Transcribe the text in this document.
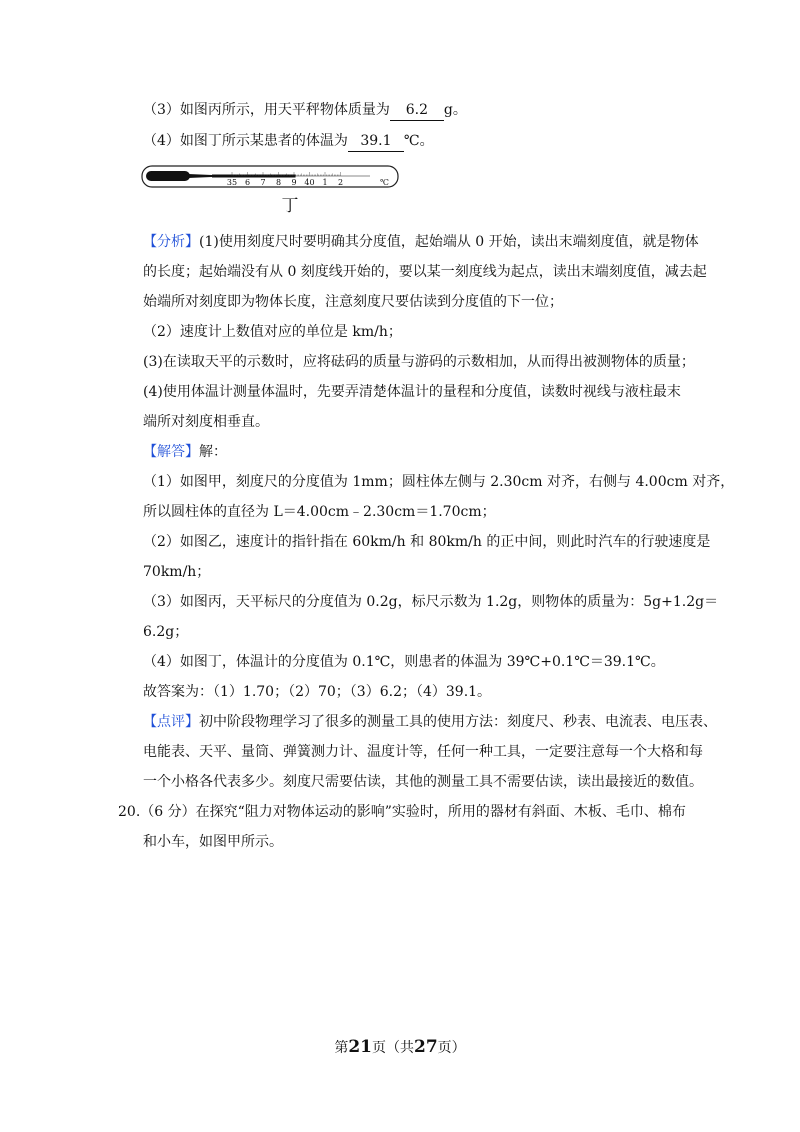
（3）如图丙所示，用天平秤物体质量为 6.2 g。
（4）如图丁所示某患者的体温为 39.1 ℃。
35 6 7 8 9 40 1 2	℃
丁
【分析】(1)使用刻度尺时要明确其分度值，起始端从 0 开始，读出末端刻度值，就是物体
的长度；起始端没有从 0 刻度线开始的，要以某一刻度线为起点，读出末端刻度值，减去起
始端所对刻度即为物体长度，注意刻度尺要估读到分度值的下一位；
（2）速度计上数值对应的单位是 km/h；
(3)在读取天平的示数时，应将砝码的质量与游码的示数相加，从而得出被测物体的质量；
(4)使用体温计测量体温时，先要弄清楚体温计的量程和分度值，读数时视线与液柱最末
端所对刻度相垂直。
【解答】解：
（1）如图甲，刻度尺的分度值为 1mm；圆柱体左侧与 2.30cm 对齐，右侧与 4.00cm 对齐，
所以圆柱体的直径为 L＝4.00cm﹣2.30cm＝1.70cm；
（2）如图乙，速度计的指针指在 60km/h 和 80km/h 的正中间，则此时汽车的行驶速度是
70km/h；
（3）如图丙，天平标尺的分度值为 0.2g，标尺示数为 1.2g，则物体的质量为：5g+1.2g＝
6.2g；
（4）如图丁，体温计的分度值为 0.1℃，则患者的体温为 39℃+0.1℃＝39.1℃。
故答案为：（1）1.70；（2）70；（3）6.2；（4）39.1。
【点评】初中阶段物理学习了很多的测量工具的使用方法：刻度尺、秒表、电流表、电压表、
电能表、天平、量筒、弹簧测力计、温度计等，任何一种工具，一定要注意每一个大格和每
一个小格各代表多少。刻度尺需要估读，其他的测量工具不需要估读，读出最接近的数值。
20.（6 分）在探究“阻力对物体运动的影响”实验时，所用的器材有斜面、木板、毛巾、棉布
和小车，如图甲所示。
第21页（共27页）
